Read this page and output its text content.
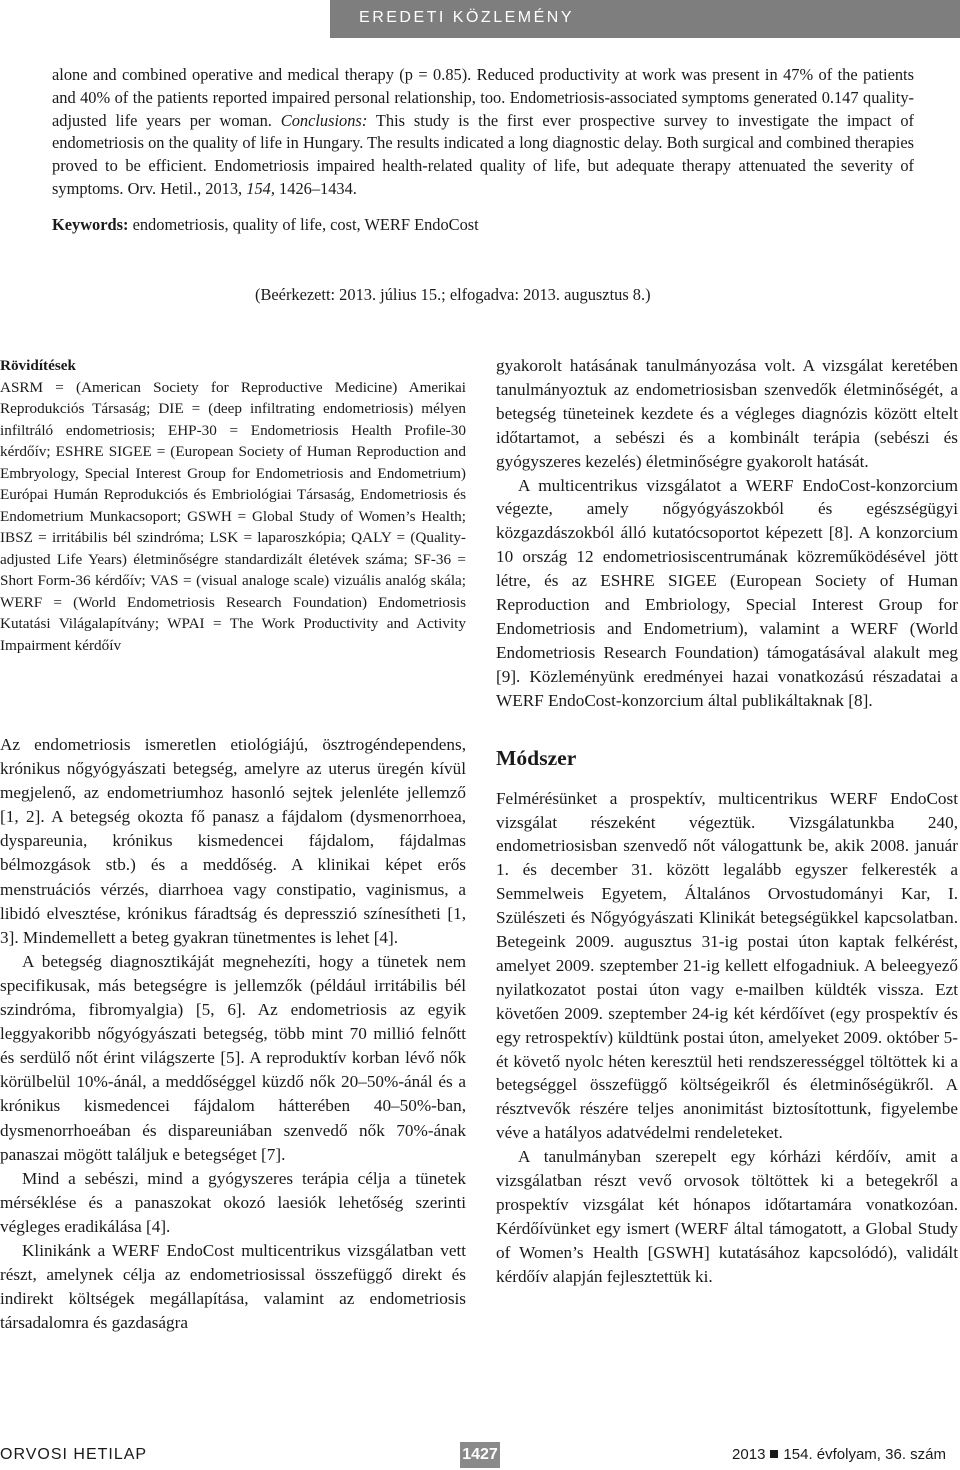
EREDETI KÖZLEMÉNY

alone and combined operative and medical therapy (p = 0.85). Reduced productivity at work was present in 47% of the patients and 40% of the patients reported impaired personal relationship, too. Endometriosis-associated symptoms generated 0.147 quality-adjusted life years per woman. Conclusions: This study is the first ever prospective survey to investigate the impact of endometriosis on the quality of life in Hungary. The results indicated a long diagnostic delay. Both surgical and combined therapies proved to be efficient. Endometriosis impaired health-related quality of life, but adequate therapy attenuated the severity of symptoms. Orv. Hetil., 2013, 154, 1426–1434.

Keywords: endometriosis, quality of life, cost, WERF EndoCost
(Beérkezett: 2013. július 15.; elfogadva: 2013. augusztus 8.)

Rövidítések

ASRM = (American Society for Reproductive Medicine) Amerikai Reprodukciós Társaság; DIE = (deep infiltrating endometriosis) mélyen infiltráló endometriosis; EHP-30 = Endometriosis Health Profile-30 kérdőív; ESHRE SIGEE = (European Society of Human Reproduction and Embryology, Special Interest Group for Endometriosis and Endometrium) Európai Humán Reprodukciós és Embriológiai Társaság, Endometriosis és Endometrium Munkacsoport; GSWH = Global Study of Women’s Health; IBSZ = irritábilis bél szindróma; LSK = laparoszkópia; QALY = (Quality-adjusted Life Years) életminőségre standardizált életévek száma; SF-36 = Short Form-36 kérdőív; VAS = (visual analoge scale) vizuális analóg skála; WERF = (World Endometriosis Research Foundation) Endometriosis Kutatási Világalapítvány; WPAI = The Work Productivity and Activity Impairment kérdőív

Az endometriosis ismeretlen etiológiájú, ösztrogéndependens, krónikus nőgyógyászati betegség, amelyre az uterus üregén kívül megjelenő, az endometriumhoz hasonló sejtek jelenléte jellemző [1, 2]. A betegség okozta fő panasz a fájdalom (dysmenorrhoea, dyspareunia, krónikus kismedencei fájdalom, fájdalmas bélmozgások stb.) és a meddőség. A klinikai képet erős menstruációs vérzés, diarrhoea vagy constipatio, vaginismus, a libidó elvesztése, krónikus fáradtság és depresszió színesítheti [1, 3]. Mindemellett a beteg gyakran tünetmentes is lehet [4].

A betegség diagnosztikáját megnehezíti, hogy a tünetek nem specifikusak, más betegségre is jellemzők (például irritábilis bél szindróma, fibromyalgia) [5, 6]. Az endometriosis az egyik leggyakoribb nőgyógyászati betegség, több mint 70 millió felnőtt és serdülő nőt érint világszerte [5]. A reproduktív korban lévő nők körülbelül 10%-ánál, a meddőséggel küzdő nők 20–50%-ánál és a krónikus kismedencei fájdalom hátterében 40–50%-ban, dysmenorrhoeában és dispareuniában szenvedő nők 70%-ának panaszai mögött találjuk e betegséget [7].

Mind a sebészi, mind a gyógyszeres terápia célja a tünetek mérséklése és a panaszokat okozó laesiók lehetőség szerinti végleges eradikálása [4].

Klinikánk a WERF EndoCost multicentrikus vizsgálatban vett részt, amelynek célja az endometriosissal összefüggő direkt és indirekt költségek megállapítása, valamint az endometriosis társadalomra és gazdaságra

gyakorolt hatásának tanulmányozása volt. A vizsgálat keretében tanulmányoztuk az endometriosisban szenvedők életminőségét, a betegség tüneteinek kezdete és a végleges diagnózis között eltelt időtartamot, a sebészi és a kombinált terápia (sebészi és gyógyszeres kezelés) életminőségre gyakorolt hatását.

A multicentrikus vizsgálatot a WERF EndoCost-konzorcium végezte, amely nőgyógyászokból és egészségügyi közgazdászokból álló kutatócsoportot képezett [8]. A konzorcium 10 ország 12 endometriosiscentrumának közreműködésével jött létre, és az ESHRE SIGEE (European Society of Human Reproduction and Embriology, Special Interest Group for Endometriosis and Endometrium), valamint a WERF (World Endometriosis Research Foundation) támogatásával alakult meg [9]. Közleményünk eredményei hazai vonatkozású részadatai a WERF EndoCost-konzorcium által publikáltaknak [8].

Módszer

Felmérésünket a prospektív, multicentrikus WERF EndoCost vizsgálat részeként végeztük. Vizsgálatunkba 240, endometriosisban szenvedő nőt válogattunk be, akik 2008. január 1. és december 31. között legalább egyszer felkeresték a Semmelweis Egyetem, Általános Orvostudományi Kar, I. Szülészeti és Nőgyógyászati Klinikát betegségükkel kapcsolatban. Betegeink 2009. augusztus 31-ig postai úton kaptak felkérést, amelyet 2009. szeptember 21-ig kellett elfogadniuk. A beleegyező nyilatkozatot postai úton vagy e-mailben küldték vissza. Ezt követően 2009. szeptember 24-ig két kérdőívet (egy prospektív és egy retrospektív) küldtünk postai úton, amelyeket 2009. október 5-ét követő nyolc héten keresztül heti rendszerességgel töltöttek ki a betegséggel összefüggő költségeikről és életminőségükről. A résztvevők részére teljes anonimitást biztosítottunk, figyelembe véve a hatályos adatvédelmi rendeleteket.

A tanulmányban szerepelt egy kórházi kérdőív, amit a vizsgálatban részt vevő orvosok töltöttek ki a betegekről a prospektív vizsgálat két hónapos időtartamára vonatkozóan. Kérdőívünket egy ismert (WERF által támogatott, a Global Study of Women’s Health [GSWH] kutatásához kapcsolódó), validált kérdőív alapján fejlesztettük ki.

ORVOSI HETILAP	1427	2013 154. évfolyam, 36. szám
